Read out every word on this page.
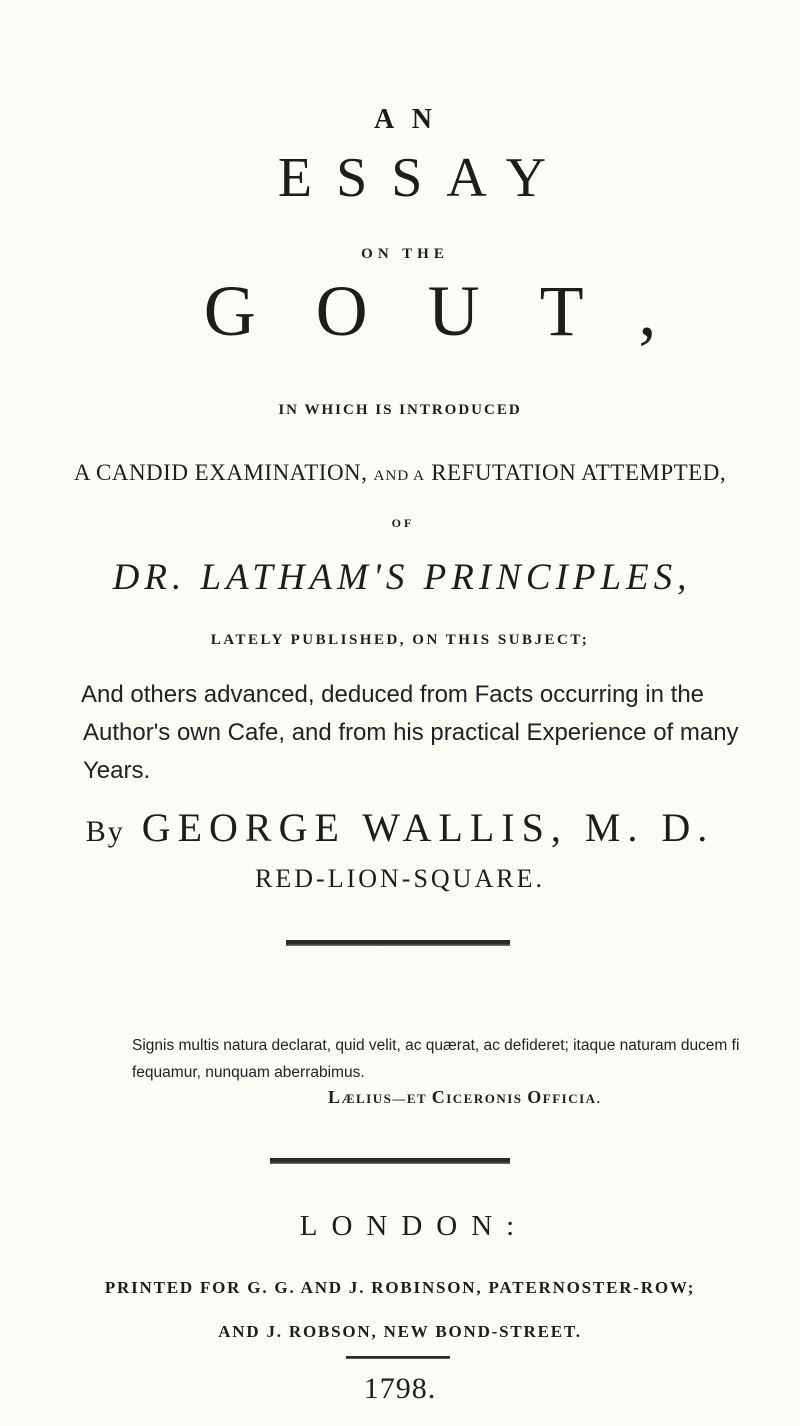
A N
ESSAY
ON THE
GOUT,
IN WHICH IS INTRODUCED
A CANDID EXAMINATION, AND A REFUTATION ATTEMPTED,
OF
DR. LATHAM'S PRINCIPLES,
LATELY PUBLISHED, ON THIS SUBJECT;
And others advanced, deduced from Facts occurring in the Author's own Cafe, and from his practical Experience of many Years.
By GEORGE WALLIS, M. D.
RED-LION-SQUARE.
Signis multis natura declarat, quid velit, ac quærat, ac defideret; itaque naturam ducem fi fequamur, nunquam aberrabimus.
LÆLIUS—ET CICERONIS OFFICIA.
LONDON:
PRINTED FOR G. G. AND J. ROBINSON, PATERNOSTER-ROW;
AND J. ROBSON, NEW BOND-STREET.
1798.
